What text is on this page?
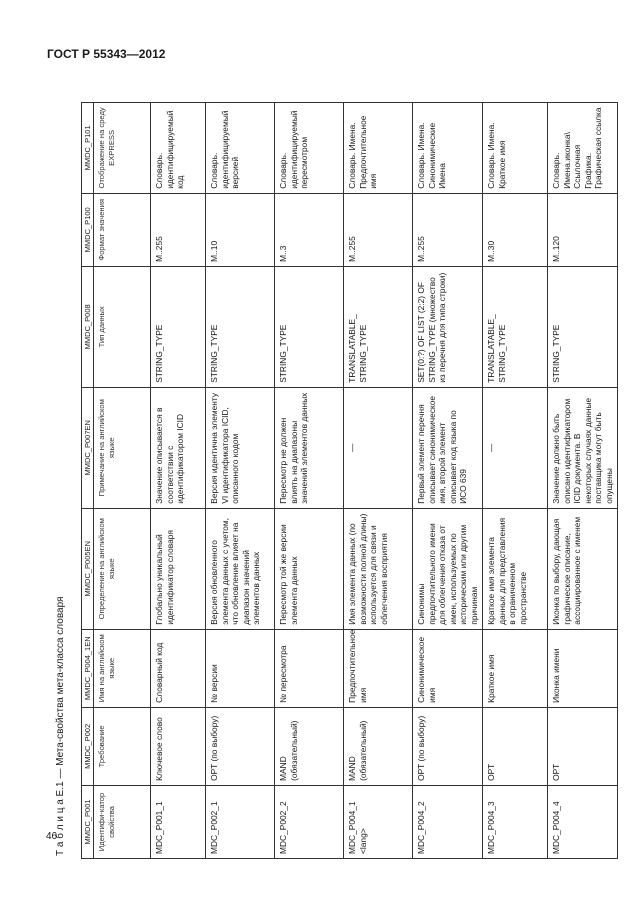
ГОСТ Р 55343—2012
46
Т а б л и ц а Е.1 — Мета-свойства мета-класса словаря	MMDC_P001	MMDC_P002	MMDC_P004_1EN	MMDC_P005EN	MMDC_P007EN	MMDC_P008	MMDC_P100	MMDC_P101
Идентифи-катор свойства	Требование	Имя на английском языке	Определение на английском языке	Примечание на английском языке	Тип данных	Формат значения	Отображение на среду EXPRESS
MDC_P001_1	Ключевое слово	Словарный код	Глобально уникальный идентификатор словаря	Значение описывается в соответствии с идентификатором ICID	STRING_TYPE	M..255	Словарь. идентифицируемый код
MDC_P002_1	OPT (по выбору)	№ версии	Версия обновленного элемента данных с учетом, что обновление влияет на диапазон значений элементов данных	Версия идентична элементу VI идентификатора ICID, описанного кодом	STRING_TYPE	M..10	Словарь. идентифицируемый версией
MDC_P002_2	MAND (обязательный)	№ пересмотра	Пересмотр той же версии элемента данных	Пересмотр не должен влиять на диапазоны значений элементов данных	STRING_TYPE	M..3	Словарь. идентифицируемый пересмотром
MDC_P004_1 <lang>	MAND (обязательный)	Предпочтительное имя	Имя элемента данных (по возможности полной длины) используется для связи и облегчения восприятия	—	TRANSLATABLE_ STRING_TYPE	M..255	Словарь. Имена. Предпочтительное имя
MDC_P004_2	OPT (по выбору)	Синонимическое имя	Синонимы предпочтительного имени для облегчения отказа от имен, используемых по историческим или другим причинам	Первый элемент перечня описывает синонимическое имя, второй элемент описывает код языка по ИСО 639	SET(0:?) OF LIST (2:2) OF STRING_TYPE (множество из перечня для типа строки)	M..255	Словарь. Имена. Синонимические Имена
MDC_P004_3	OPT	Краткое имя	Краткое имя элемента данных для представления в ограниченном пространстве	—	TRANSLATABLE_ STRING_TYPE	M..30	Словарь. Имена. Краткое имя
MDC_P004_4	OPT	Иконка имени	Иконка по выбору, дающая графическое описание, ассоциированное с именем	Значение должно быть описано идентификатором ICID документа. В некоторых случаях данные поставщика могут быть опущены	STRING_TYPE	M..120	Словарь. Имена.иконка\ Ссылочная Графика. Графическая ссылка
